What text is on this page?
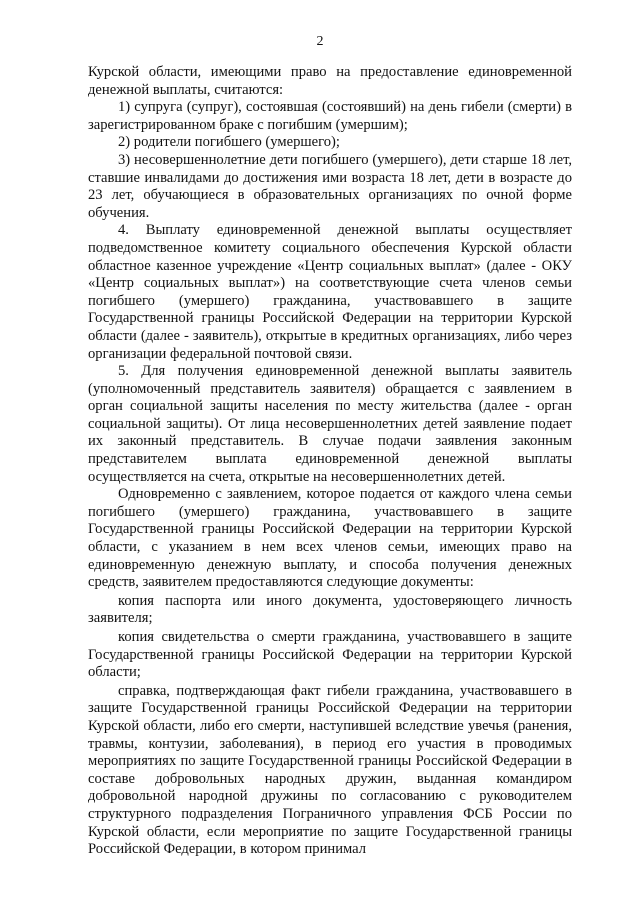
2

Курской области, имеющими право на предоставление единовременной денежной выплаты, считаются:

1) супруга (супруг), состоявшая (состоявший) на день гибели (смерти) в зарегистрированном браке с погибшим (умершим);

2) родители погибшего (умершего);

3) несовершеннолетние дети погибшего (умершего), дети старше 18 лет, ставшие инвалидами до достижения ими возраста 18 лет, дети в возрасте до 23 лет, обучающиеся в образовательных организациях по очной форме обучения.

4. Выплату единовременной денежной выплаты осуществляет подведомственное комитету социального обеспечения Курской области областное казенное учреждение «Центр социальных выплат» (далее - ОКУ «Центр социальных выплат») на соответствующие счета членов семьи погибшего (умершего) гражданина, участвовавшего в защите Государственной границы Российской Федерации на территории Курской области (далее - заявитель), открытые в кредитных организациях, либо через организации федеральной почтовой связи.

5. Для получения единовременной денежной выплаты заявитель (уполномоченный представитель заявителя) обращается с заявлением в орган социальной защиты населения по месту жительства (далее - орган социальной защиты). От лица несовершеннолетних детей заявление подает их законный представитель. В случае подачи заявления законным представителем выплата единовременной денежной выплаты осуществляется на счета, открытые на несовершеннолетних детей.

Одновременно с заявлением, которое подается от каждого члена семьи погибшего (умершего) гражданина, участвовавшего в защите Государственной границы Российской Федерации на территории Курской области, с указанием в нем всех членов семьи, имеющих право на единовременную денежную выплату, и способа получения денежных средств, заявителем предоставляются следующие документы:

копия паспорта или иного документа, удостоверяющего личность заявителя;

копия свидетельства о смерти гражданина, участвовавшего в защите Государственной границы Российской Федерации на территории Курской области;

справка, подтверждающая факт гибели гражданина, участвовавшего в защите Государственной границы Российской Федерации на территории Курской области, либо его смерти, наступившей вследствие увечья (ранения, травмы, контузии, заболевания), в период его участия в проводимых мероприятиях по защите Государственной границы Российской Федерации в составе добровольных народных дружин, выданная командиром добровольной народной дружины по согласованию с руководителем структурного подразделения Пограничного управления ФСБ России по Курской области, если мероприятие по защите Государственной границы Российской Федерации, в котором принимал
